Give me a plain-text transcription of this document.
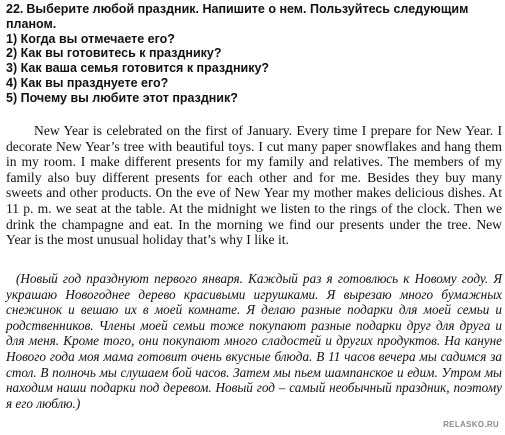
22. Выберите любой праздник. Напишите о нем. Пользуйтесь следующим планом.
1) Когда вы отмечаете его?
2) Как вы готовитесь к празднику?
3) Как ваша семья готовится к празднику?
4) Как вы празднуете его?
5) Почему вы любите этот праздник?

New Year is celebrated on the first of January. Every time I prepare for New Year. I decorate New Year’s tree with beautiful toys. I cut many paper snowflakes and hang them in my room. I make different presents for my family and relatives. The members of my family also buy different presents for each other and for me. Besides they buy many sweets and other products. On the eve of New Year my mother makes delicious dishes. At 11 p. m. we seat at the table. At the midnight we listen to the rings of the clock. Then we drink the champagne and eat. In the morning we find our presents under the tree. New Year is the most unusual holiday that’s why I like it.

(Новый год празднуют первого января. Каждый раз я готовлюсь к Новому году. Я украшаю Новогоднее дерево красивыми игрушками. Я вырезаю много бумажных снежинок и вешаю их в моей комнате. Я делаю разные подарки для моей семьи и родственников. Члены моей семьи тоже покупают разные подарки друг для друга и для меня. Кроме того, они покупают много сладостей и других продуктов. На кануне Нового года моя мама готовит очень вкусные блюда. В 11 часов вечера мы садимся за стол. В полночь мы слушаем бой часов. Затем мы пьем шампанское и едим. Утром мы находим наши подарки под деревом. Новый год – самый необычный праздник, поэтому я его люблю.)

RELASKO.RU
